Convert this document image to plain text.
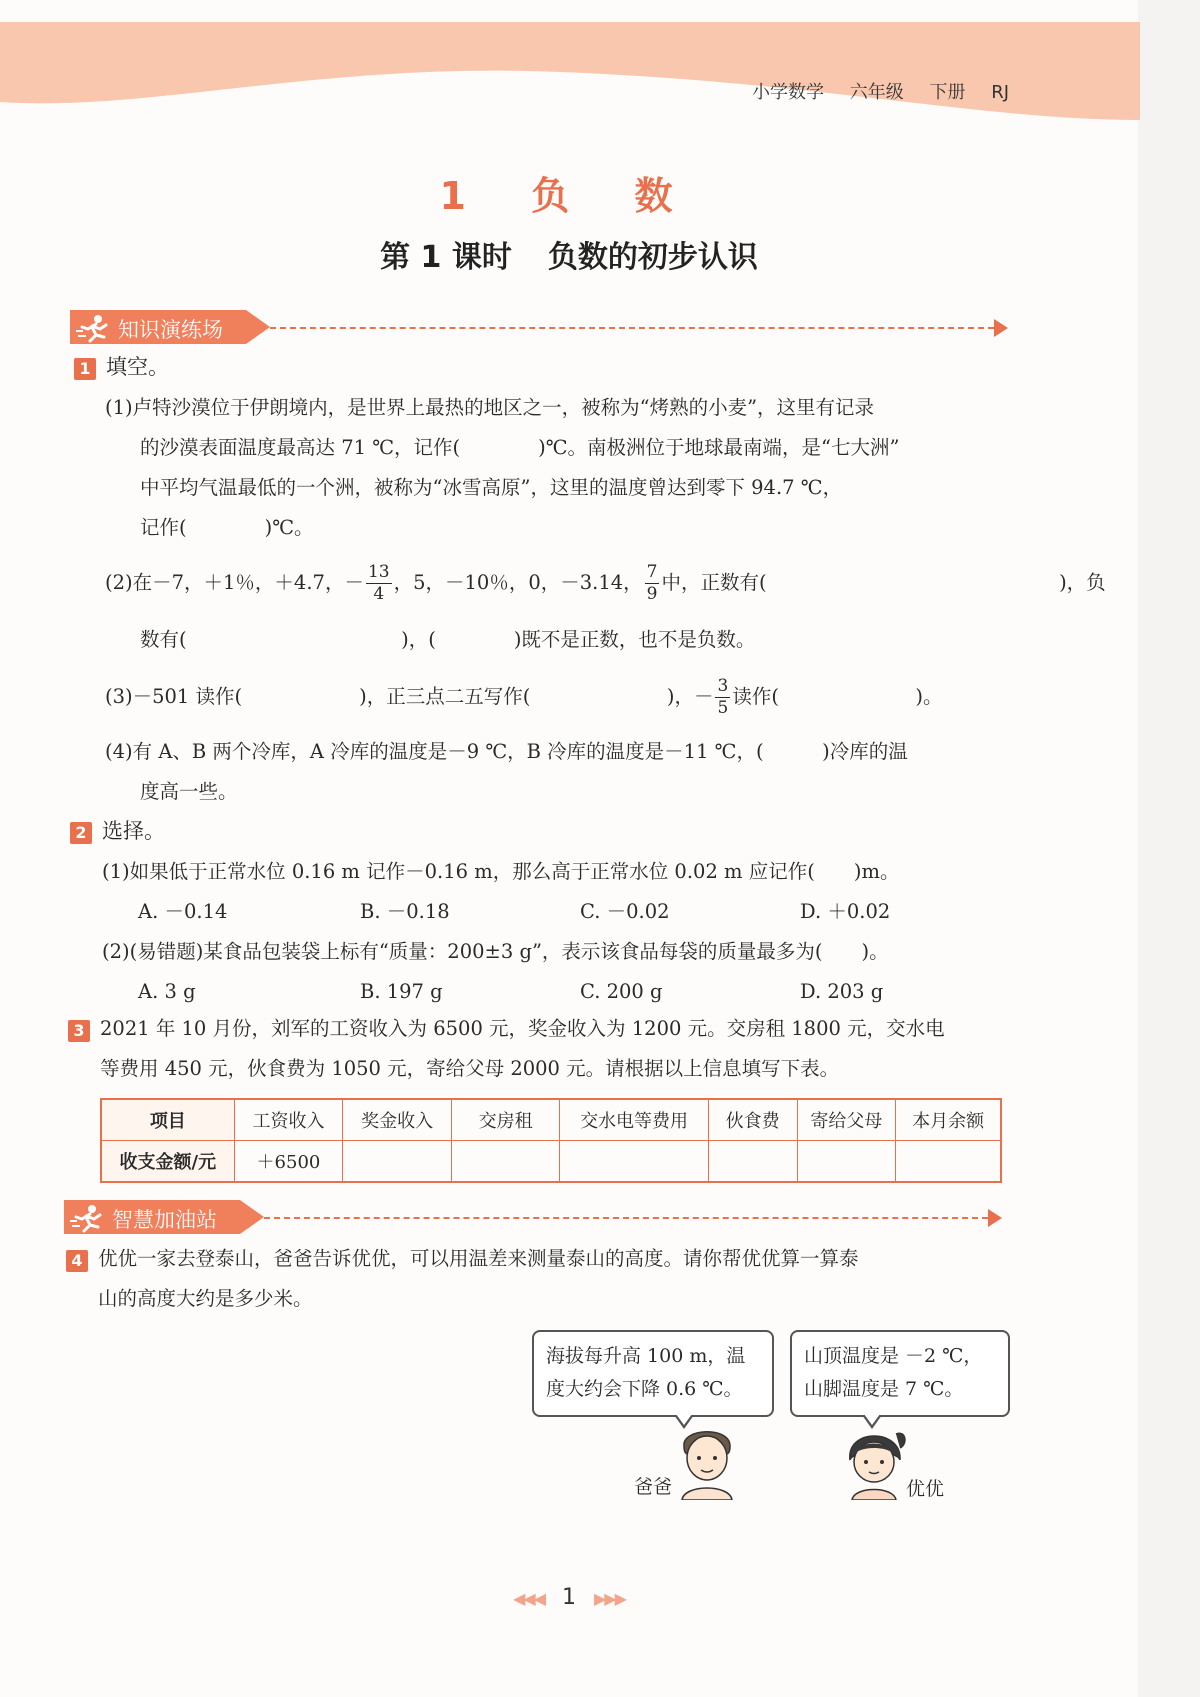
小学数学 六年级 下册 RJ
1 负 数
第 1 课时 负数的初步认识
知识演练场
1 填空。
(1)卢特沙漠位于伊朗境内，是世界上最热的地区之一，被称为“烤熟的小麦”，这里有记录
的沙漠表面温度最高达 71 ℃，记作(　　　　)℃。南极洲位于地球最南端，是“七大洲”
中平均气温最低的一个洲，被称为“冰雪高原”，这里的温度曾达到零下 94.7 ℃，
记作(　　　　)℃。
(2)在－7，＋1％，＋4.7，－ $\frac{13}{4}$ ，5，－10％，0，－3.14， $\frac{7}{9}$ 中，正数有(　　　　　　　　　　　　　　　)，负
数有(　　　　　　　　　　　)，(　　　　)既不是正数，也不是负数。
(3)－501 读作(　　　　　　)，正三点二五写作(　　　　　　　)，－ $\frac{3}{5}$ 读作(　　　　　　　)。
(4)有 A、B 两个冷库，A 冷库的温度是－9 ℃，B 冷库的温度是－11 ℃，(　　　)冷库的温
度高一些。
2 选择。
(1)如果低于正常水位 0.16 m 记作－0.16 m，那么高于正常水位 0.02 m 应记作(　　)m。
A. －0.14	B. －0.18	C. －0.02	D. ＋0.02
(2)(易错题)某食品包装袋上标有“质量：200±3 g”，表示该食品每袋的质量最多为(　　)。
A. 3 g	B. 197 g	C. 200 g	D. 203 g
3 2021 年 10 月份，刘军的工资收入为 6500 元，奖金收入为 1200 元。交房租 1800 元，交水电
等费用 450 元，伙食费为 1050 元，寄给父母 2000 元。请根据以上信息填写下表。
项目	工资收入	奖金收入	交房租	交水电等费用	伙食费	寄给父母	本月余额
收支金额/元	＋6500						
智慧加油站
4 优优一家去登泰山，爸爸告诉优优，可以用温差来测量泰山的高度。请你帮优优算一算泰
山的高度大约是多少米。
海拔每升高 100 m，温
度大约会下降 0.6 ℃。
山顶温度是 －2 ℃，
山脚温度是 7 ℃。
爸爸	优优
◀◀◀ 1 ▶▶▶
